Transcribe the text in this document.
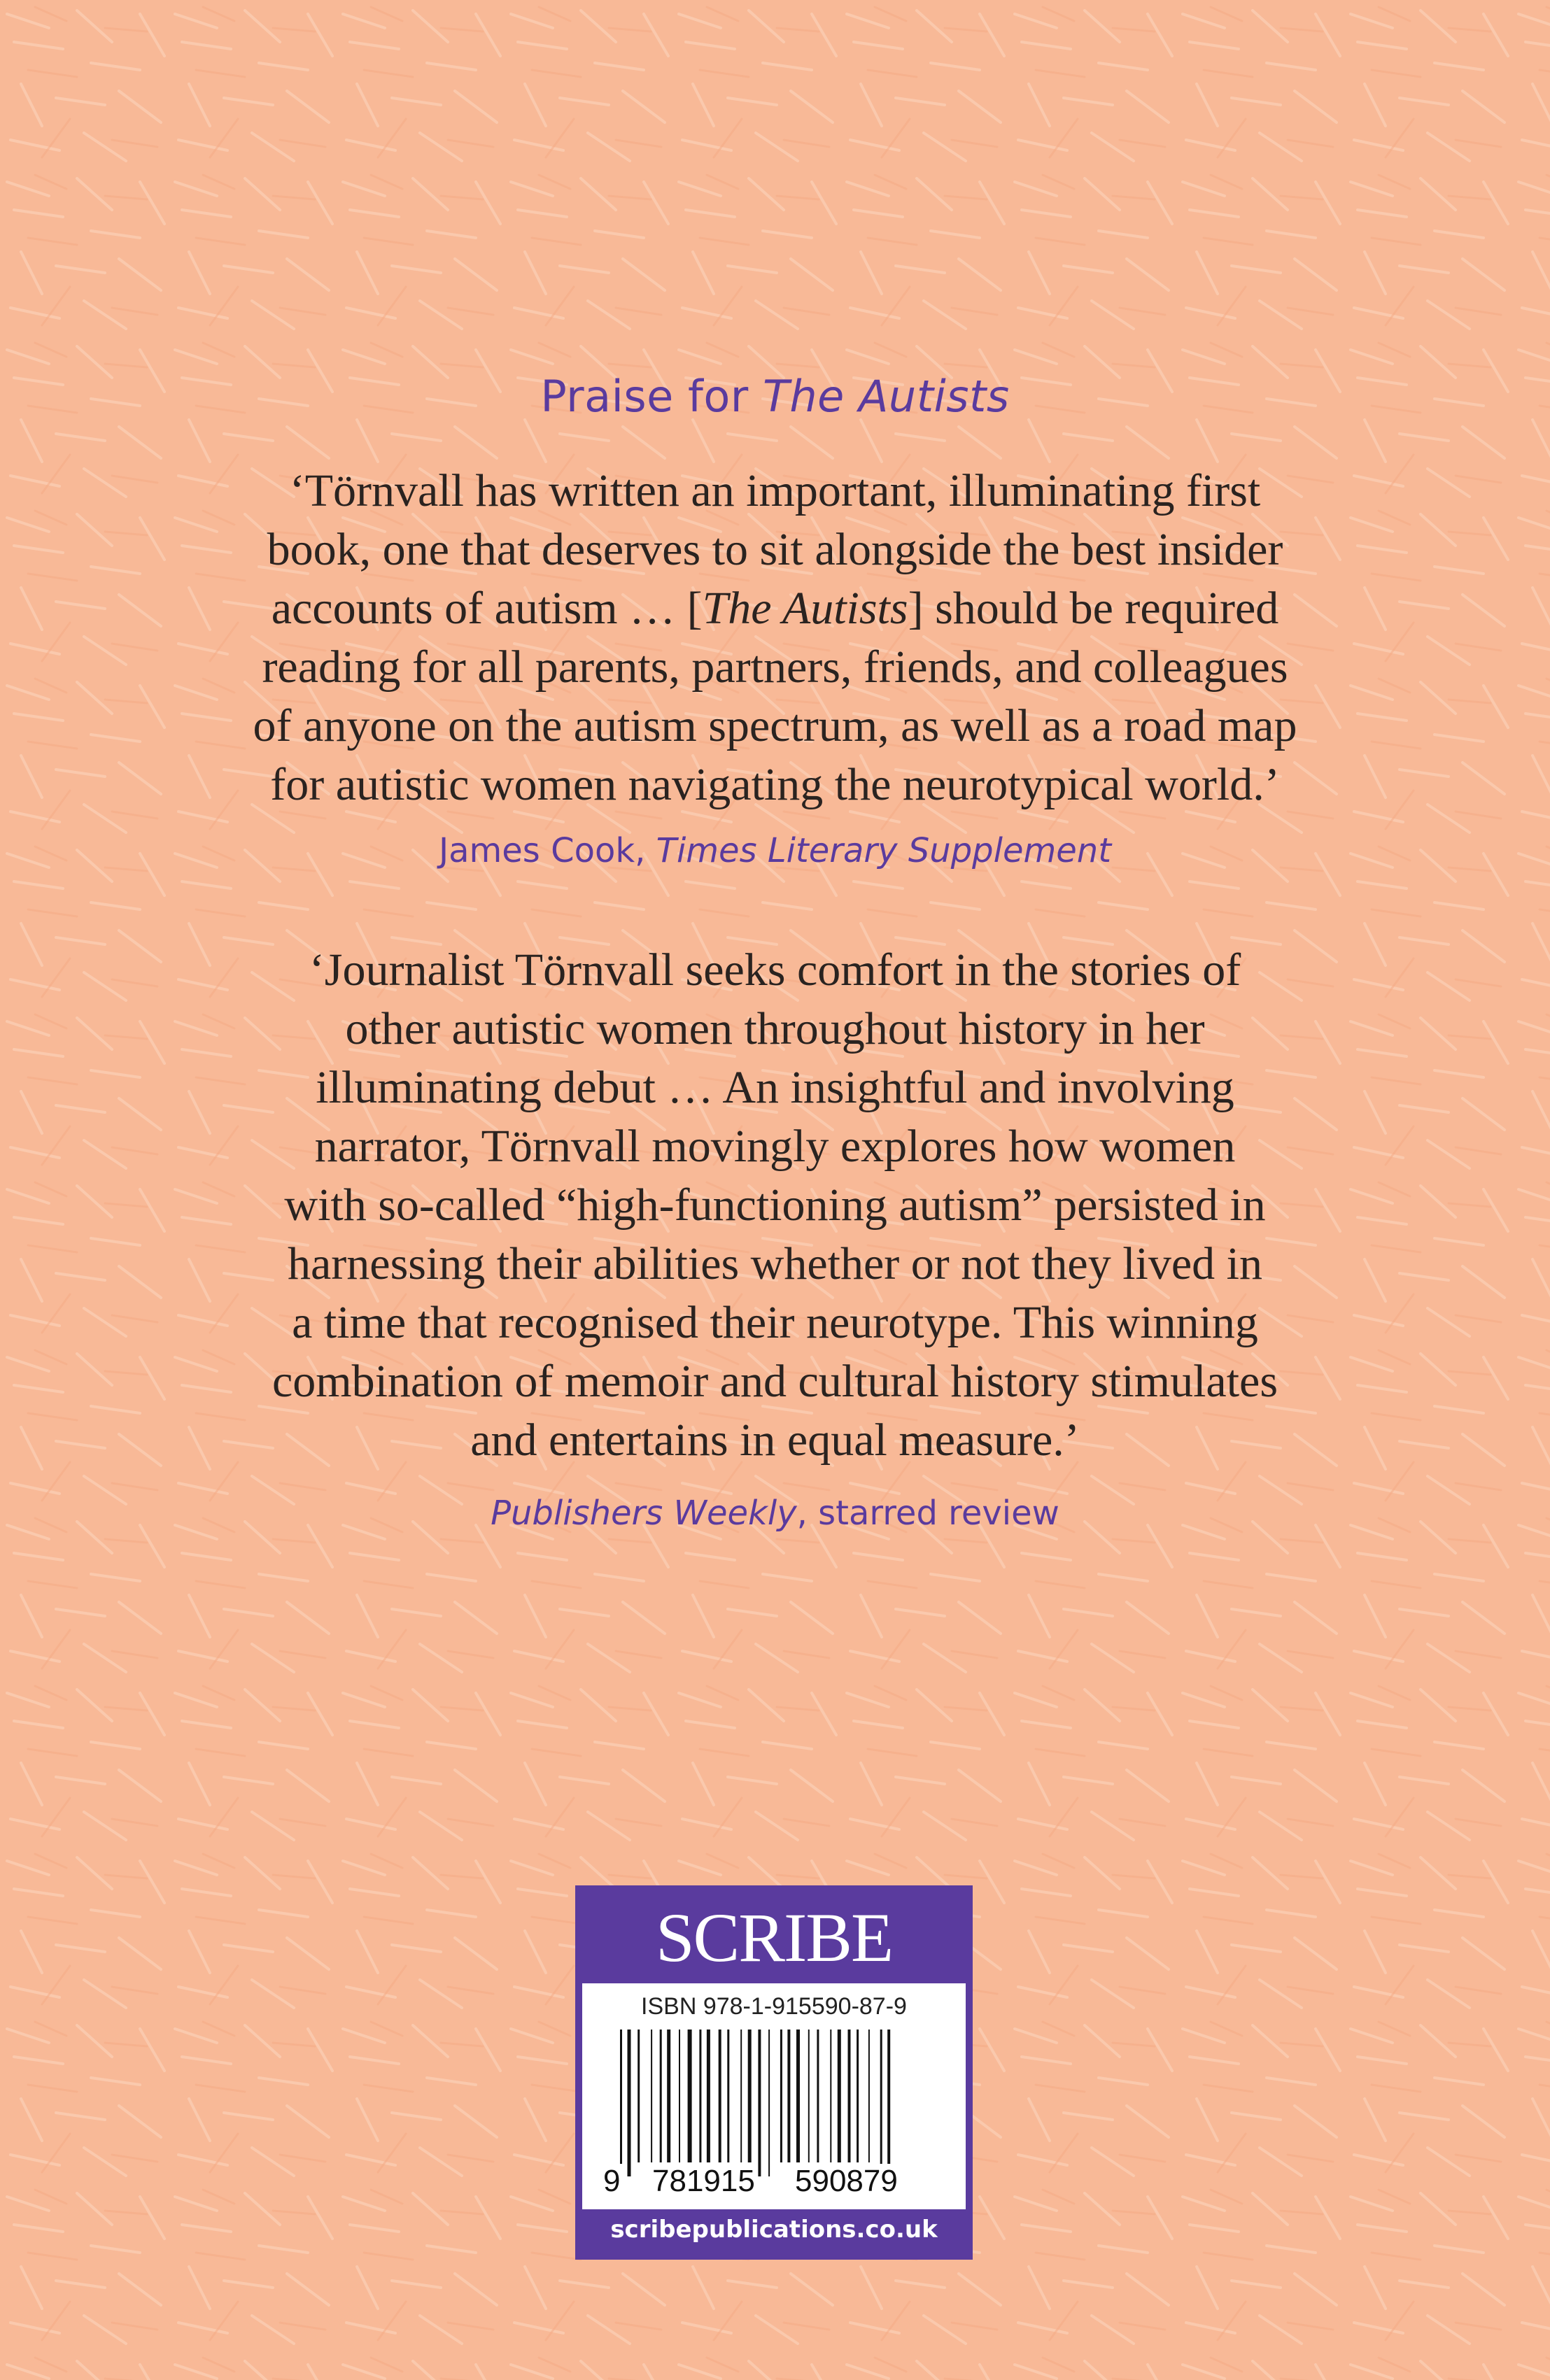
Praise for The Autists
‘Törnvall has written an important, illuminating first
book, one that deserves to sit alongside the best insider
accounts of autism … [The Autists] should be required
reading for all parents, partners, friends, and colleagues
of anyone on the autism spectrum, as well as a road map
for autistic women navigating the neurotypical world.’
James Cook, Times Literary Supplement
‘Journalist Törnvall seeks comfort in the stories of
other autistic women throughout history in her
illuminating debut … An insightful and involving
narrator, Törnvall movingly explores how women
with so-called “high-functioning autism” persisted in
harnessing their abilities whether or not they lived in
a time that recognised their neurotype. This winning
combination of memoir and cultural history stimulates
and entertains in equal measure.’
Publishers Weekly, starred review
SCRIBE
ISBN 978-1-915590-87-9
9 781915 590879
scribepublications.co.uk
